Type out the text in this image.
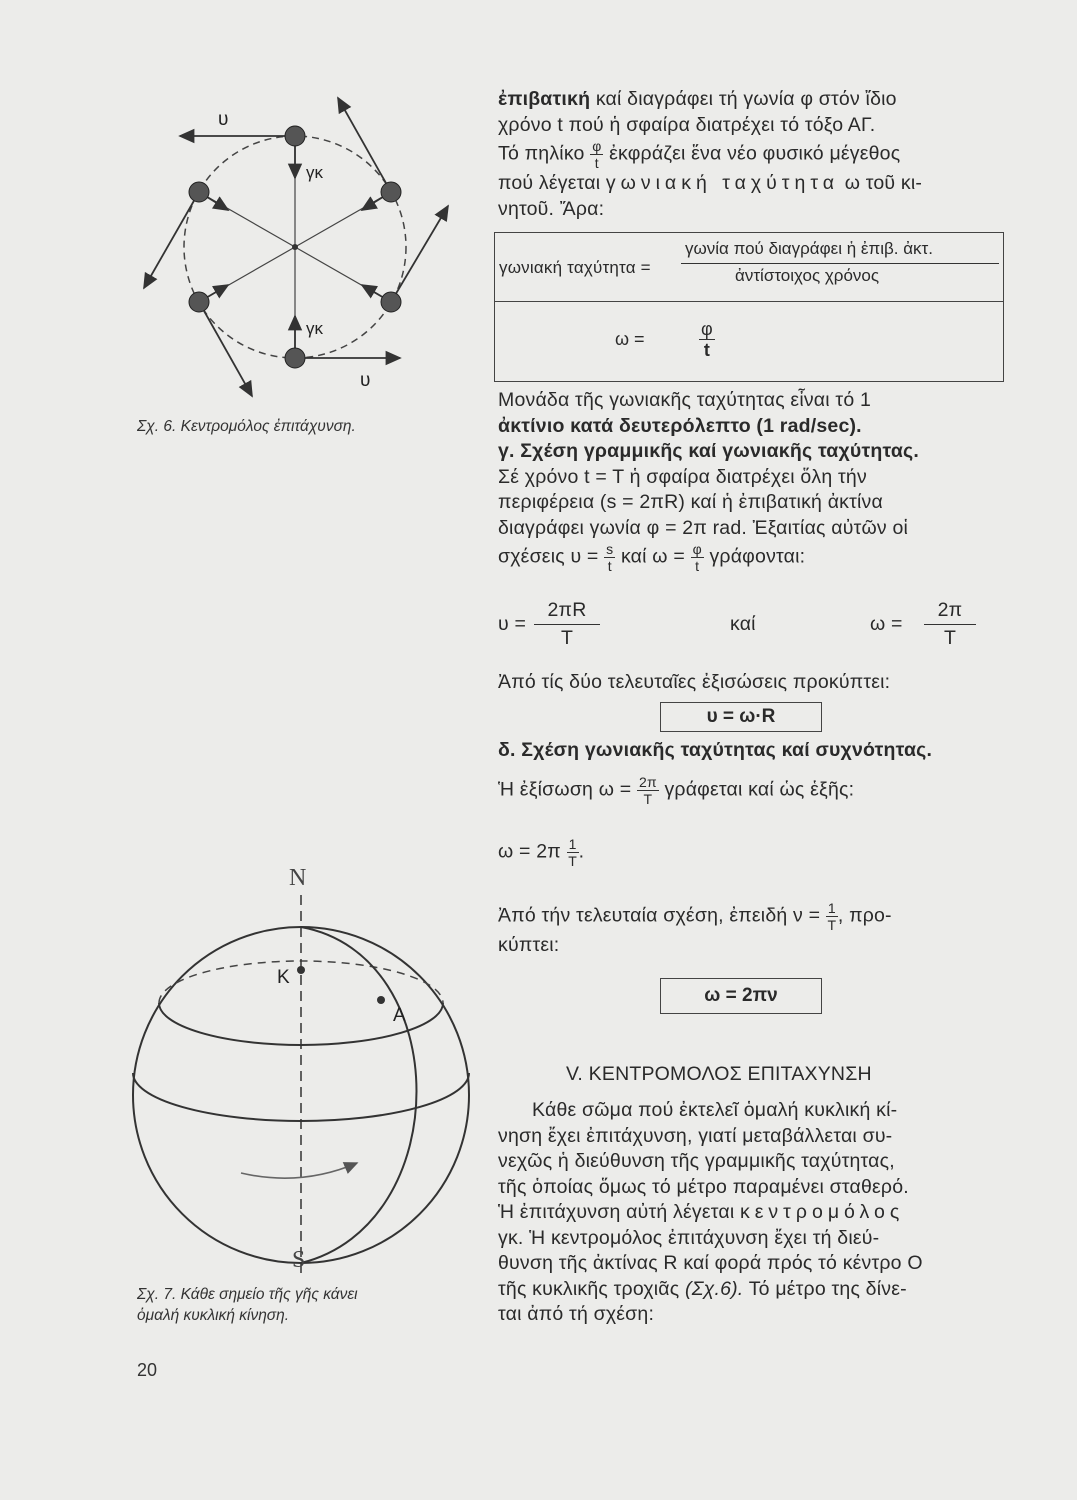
υ
υ
γκ
γκ
Σχ. 6. Κεντρομόλος ἐπιτάχυνση.
N
S
K
A
Σχ. 7. Κάθε σημείο τῆς γῆς κάνει
ὁμαλή κυκλική κίνηση.
20
ἐπιβατική καί διαγράφει τή γωνία φ στόν ἴδιο
χρόνο t πού ἡ σφαίρα διατρέχει τό τόξο ΑΓ.
Τό πηλίκο $\frac{\varphi}{t}$ ἐκφράζει ἕνα νέο φυσικό μέγεθος
πού λέγεται γωνιακή ταχύτητα ω τοῦ κι-
νητοῦ. Ἄρα:
γωνιακή ταχύτητα =
γωνία πού διαγράφει ἡ ἐπιβ. ἀκτ.
ἀντίστοιχος χρόνος
ω =	$\frac{\varphi}{t}$
Μονάδα τῆς γωνιακῆς ταχύτητας εἶναι τό 1
ἀκτίνιο κατά δευτερόλεπτο (1 rad/sec).
γ. Σχέση γραμμικῆς καί γωνιακῆς ταχύτητας.
Σέ χρόνο t = T ἡ σφαίρα διατρέχει ὅλη τήν
περιφέρεια (s = 2πR) καί ἡ ἐπιβατική ἀκτίνα
διαγράφει γωνία φ = 2π rad. Ἐξαιτίας αὐτῶν οἱ
σχέσεις $\upsilon = \frac{s}{t}$ καί $\omega = \frac{\varphi}{t} \gamma\rho ά\varphi o\nu\tau\alpha\iota$:
υ =
2πR
T
καί	ω =
2π
T
Ἀπό τίς δύο τελευταῖες ἐξισώσεις προκύπτει:
υ = ω·R
δ. Σχέση γωνιακῆς ταχύτητας καί συχνότητας.
Ἡ ἐξίσωση $\omega = \frac{2\pi}{T}$ γράφεται καί ὡς ἑξῆς:
$\omega = 2\pi \frac{1}{T}$ .
Ἀπό τήν τελευταία σχέση, ἐπειδή $\nu = \frac{1}{T}$ , προ-
κύπτει:
ω = 2πν
V. ΚΕΝΤΡΟΜΟΛΟΣ ΕΠΙΤΑΧΥΝΣΗ
Κάθε σῶμα πού ἐκτελεῖ ὁμαλή κυκλική κί-
νηση ἔχει ἐπιτάχυνση, γιατί μεταβάλλεται συ-
νεχῶς ἡ διεύθυνση τῆς γραμμικῆς ταχύτητας,
τῆς ὁποίας ὅμως τό μέτρο παραμένει σταθερό.
Ἡ ἐπιτάχυνση αὐτή λέγεται κεντρομόλος
γκ. Ἡ κεντρομόλος ἐπιτάχυνση ἔχει τή διεύ-
θυνση τῆς ἀκτίνας R καί φορά πρός τό κέντρο Ο
τῆς κυκλικῆς τροχιᾶς (Σχ.6). Τό μέτρο της δίνε-
ται ἀπό τή σχέση:
